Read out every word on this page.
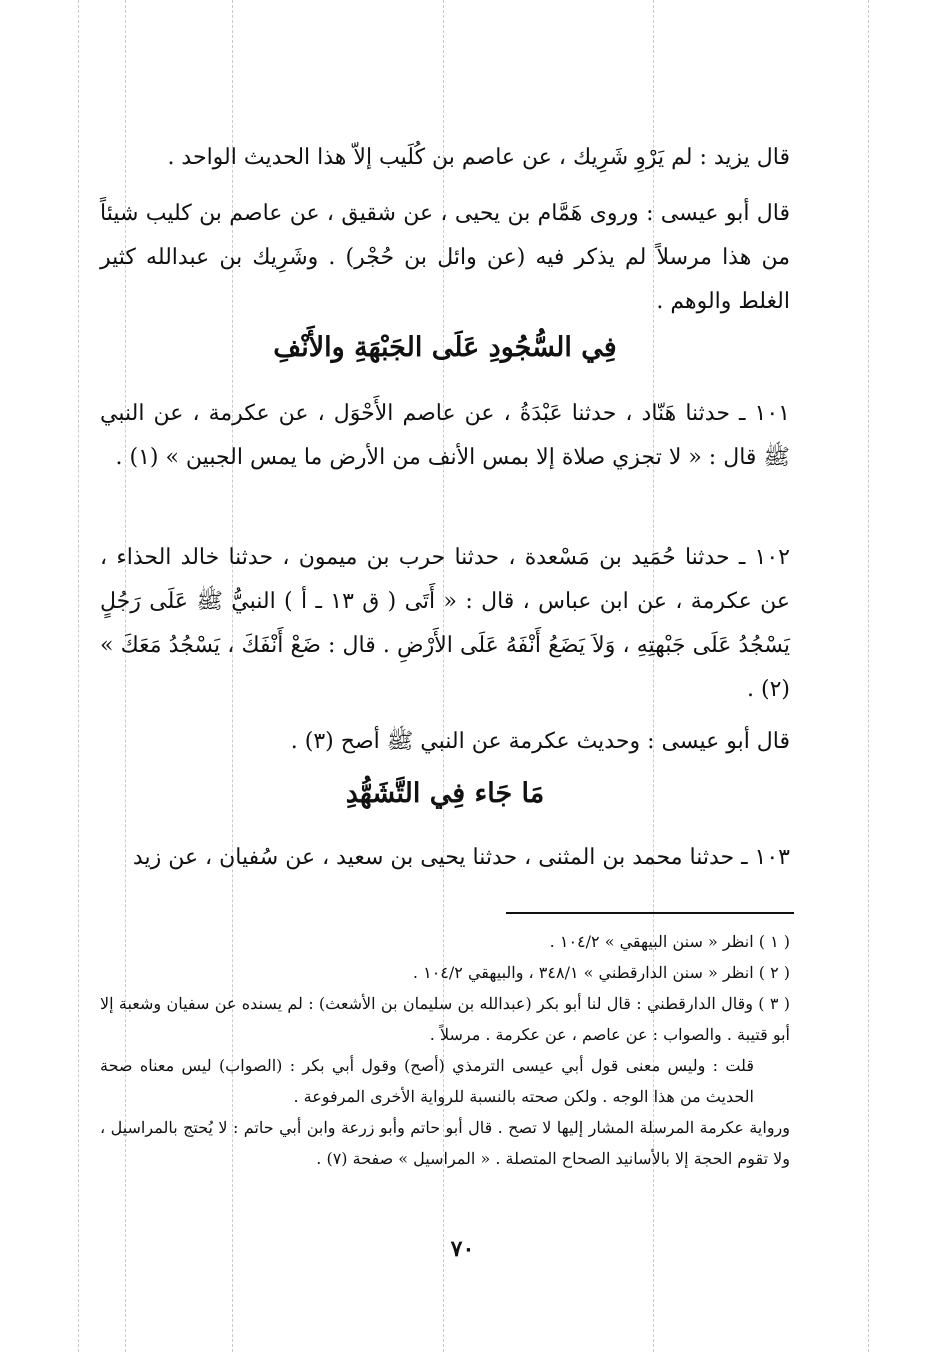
قال يزيد : لم يَرْوِ شَرِيك ، عن عاصم بن كُلَيب إلاّ هذا الحديث الواحد .

قال أبو عيسى : وروى هَمَّام بن يحيى ، عن شقيق ، عن عاصم بن كليب شيئاً من هذا مرسلاً لم يذكر فيه (عن وائل بن حُجْر) . وشَرِيك بن عبدالله كثير الغلط والوهم .

فِي السُّجُودِ عَلَى الجَبْهَةِ والأَنْفِ

١٠١ ـ حدثنا هَنّاد ، حدثنا عَبْدَةُ ، عن عاصم الأَحْوَل ، عن عكرمة ، عن النبي ﷺ قال : « لا تجزي صلاة إلا بمس الأنف من الأرض ما يمس الجبين » (١) .

١٠٢ ـ حدثنا حُمَيد بن مَسْعدة ، حدثنا حرب بن ميمون ، حدثنا خالد الحذاء ، عن عكرمة ، عن ابن عباس ، قال : « أَتَى ( ق ١٣ ـ أ ) النبيُّ ﷺ عَلَى رَجُلٍ يَسْجُدُ عَلَى جَبْهتِهِ ، وَلاَ يَضَعُ أَنْفَهُ عَلَى الأَرْضِ . قال : ضَعْ أَنْفَكَ ، يَسْجُدُ مَعَكَ » (٢) .

قال أبو عيسى : وحديث عكرمة عن النبي ﷺ أصح (٣) .

مَا جَاء فِي التَّشَهُّدِ

١٠٣ ـ حدثنا محمد بن المثنى ، حدثنا يحيى بن سعيد ، عن سُفيان ، عن زيد

( ١ ) انظر « سنن البيهقي » ١٠٤/٢ .

( ٢ ) انظر « سنن الدارقطني » ٣٤٨/١ ، والبيهقي ١٠٤/٢ .

( ٣ ) وقال الدارقطني : قال لنا أبو بكر (عبدالله بن سليمان بن الأشعث) : لم يسنده عن سفيان وشعبة إلا أبو قتيبة . والصواب : عن عاصم ، عن عكرمة . مرسلاً .

قلت : وليس معنى قول أبي عيسى الترمذي (أصح) وقول أبي بكر : (الصواب) ليس معناه صحة الحديث من هذا الوجه . ولكن صحته بالنسبة للرواية الأخرى المرفوعة .

ورواية عكرمة المرسلة المشار إليها لا تصح . قال أبو حاتم وأبو زرعة وابن أبي حاتم : لا يُحتج بالمراسيل ، ولا تقوم الحجة إلا بالأسانيد الصحاح المتصلة . « المراسيل » صفحة (٧) .

٧٠
